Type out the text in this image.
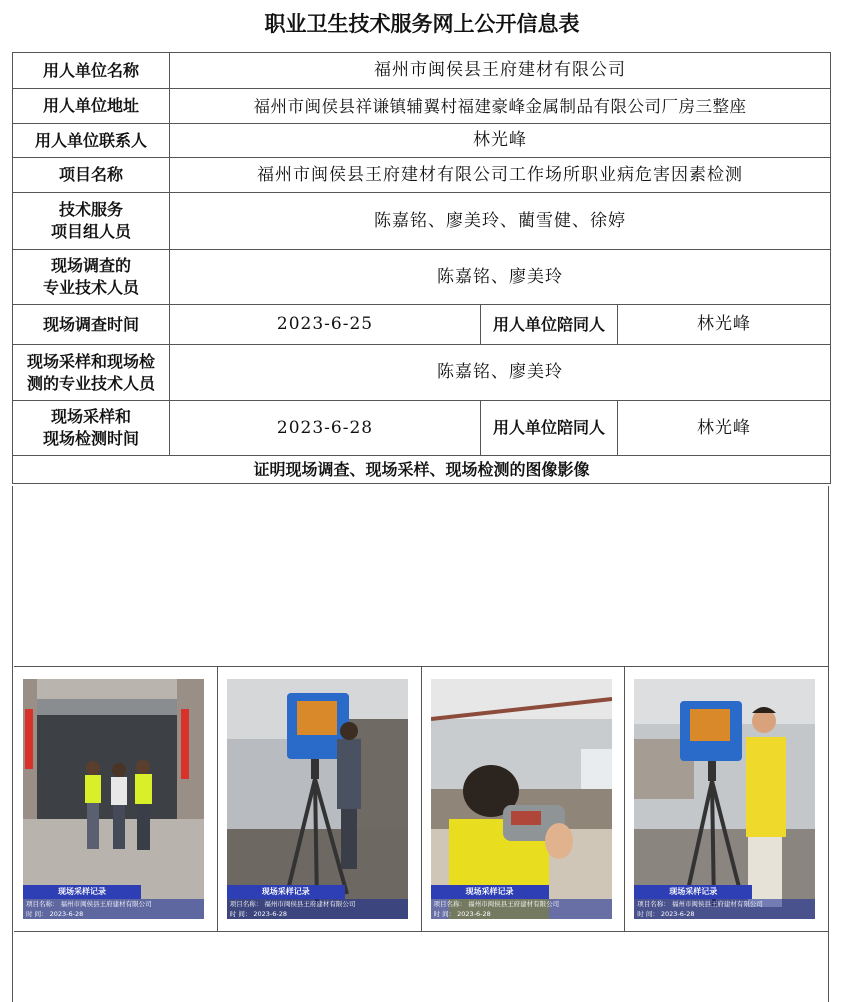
职业卫生技术服务网上公开信息表
用人单位名称	福州市闽侯县王府建材有限公司		
用人单位地址	福州市闽侯县祥谦镇辅翼村福建豪峰金属制品有限公司厂房三整座		
用人单位联系人	林光峰		
项目名称	福州市闽侯县王府建材有限公司工作场所职业病危害因素检测		

技术服务
项目组人员	陈嘉铭、廖美玲、藺雪健、徐婷		

现场调查的
专业技术人员	陈嘉铭、廖美玲		
现场调查时间	2023-6-25	用人单位陪同人	林光峰

现场采样和现场检
测的专业技术人员	陈嘉铭、廖美玲		

现场采样和
现场检测时间	2023-6-28	用人单位陪同人	林光峰
证明现场调查、现场采样、现场检测的图像影像			
现场采样记录
项目名称： 福州市闽侯县王府建材有限公司
时 间： 2023-6-28
现场采样记录
项目名称： 福州市闽侯县王府建材有限公司
时 间： 2023-6-28
现场采样记录
项目名称： 福州市闽侯县王府建材有限公司
时 间： 2023-6-28
现场采样记录
项目名称： 福州市闽侯县王府建材有限公司
时 间： 2023-6-28
